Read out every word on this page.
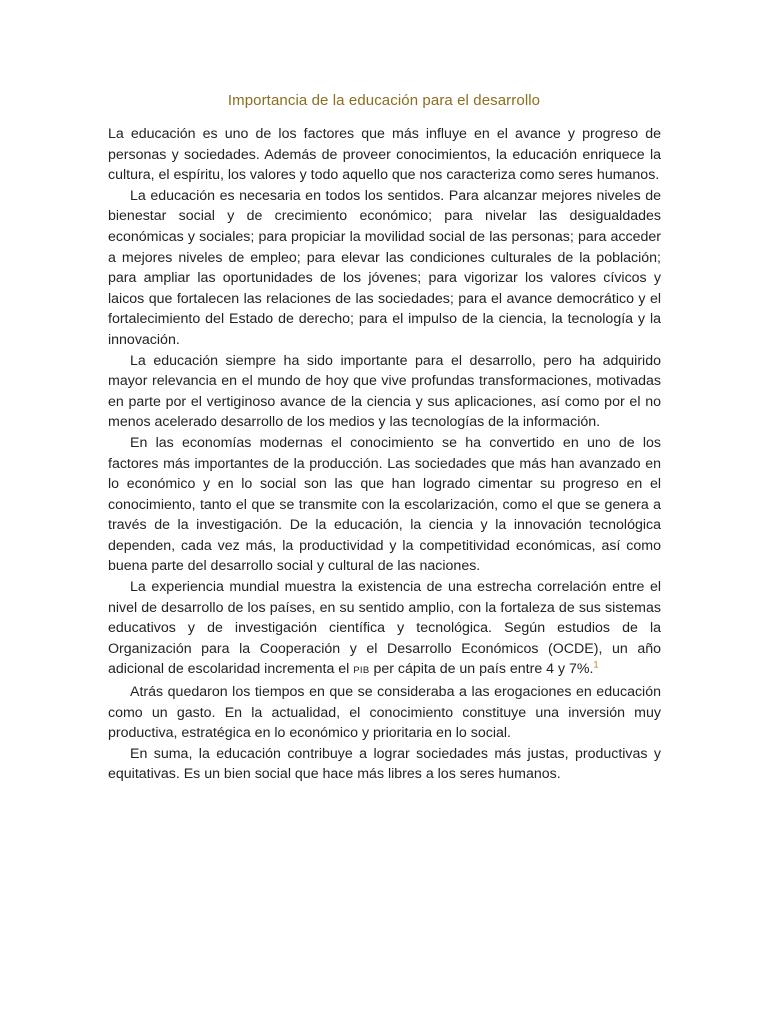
Importancia de la educación para el desarrollo

La educación es uno de los factores que más influye en el avance y progreso de personas y sociedades. Además de proveer conocimientos, la educación enriquece la cultura, el espíritu, los valores y todo aquello que nos caracteriza como seres humanos.

La educación es necesaria en todos los sentidos. Para alcanzar mejores niveles de bienestar social y de crecimiento económico; para nivelar las desigualdades económicas y sociales; para propiciar la movilidad social de las personas; para acceder a mejores niveles de empleo; para elevar las condiciones culturales de la población; para ampliar las oportunidades de los jóvenes; para vigorizar los valores cívicos y laicos que fortalecen las relaciones de las sociedades; para el avance democrático y el fortalecimiento del Estado de derecho; para el impulso de la ciencia, la tecnología y la innovación.

La educación siempre ha sido importante para el desarrollo, pero ha adquirido mayor relevancia en el mundo de hoy que vive profundas transformaciones, motivadas en parte por el vertiginoso avance de la ciencia y sus aplicaciones, así como por el no menos acelerado desarrollo de los medios y las tecnologías de la información.

En las economías modernas el conocimiento se ha convertido en uno de los factores más importantes de la producción. Las sociedades que más han avanzado en lo económico y en lo social son las que han logrado cimentar su progreso en el conocimiento, tanto el que se transmite con la escolarización, como el que se genera a través de la investigación. De la educación, la ciencia y la innovación tecnológica dependen, cada vez más, la productividad y la competitividad económicas, así como buena parte del desarrollo social y cultural de las naciones.

La experiencia mundial muestra la existencia de una estrecha correlación entre el nivel de desarrollo de los países, en su sentido amplio, con la fortaleza de sus sistemas educativos y de investigación científica y tecnológica. Según estudios de la Organización para la Cooperación y el Desarrollo Económicos (OCDE), un año adicional de escolaridad incrementa el PIB per cápita de un país entre 4 y 7%.$^1$

Atrás quedaron los tiempos en que se consideraba a las erogaciones en educación como un gasto. En la actualidad, el conocimiento constituye una inversión muy productiva, estratégica en lo económico y prioritaria en lo social.

En suma, la educación contribuye a lograr sociedades más justas, productivas y equitativas. Es un bien social que hace más libres a los seres humanos.
